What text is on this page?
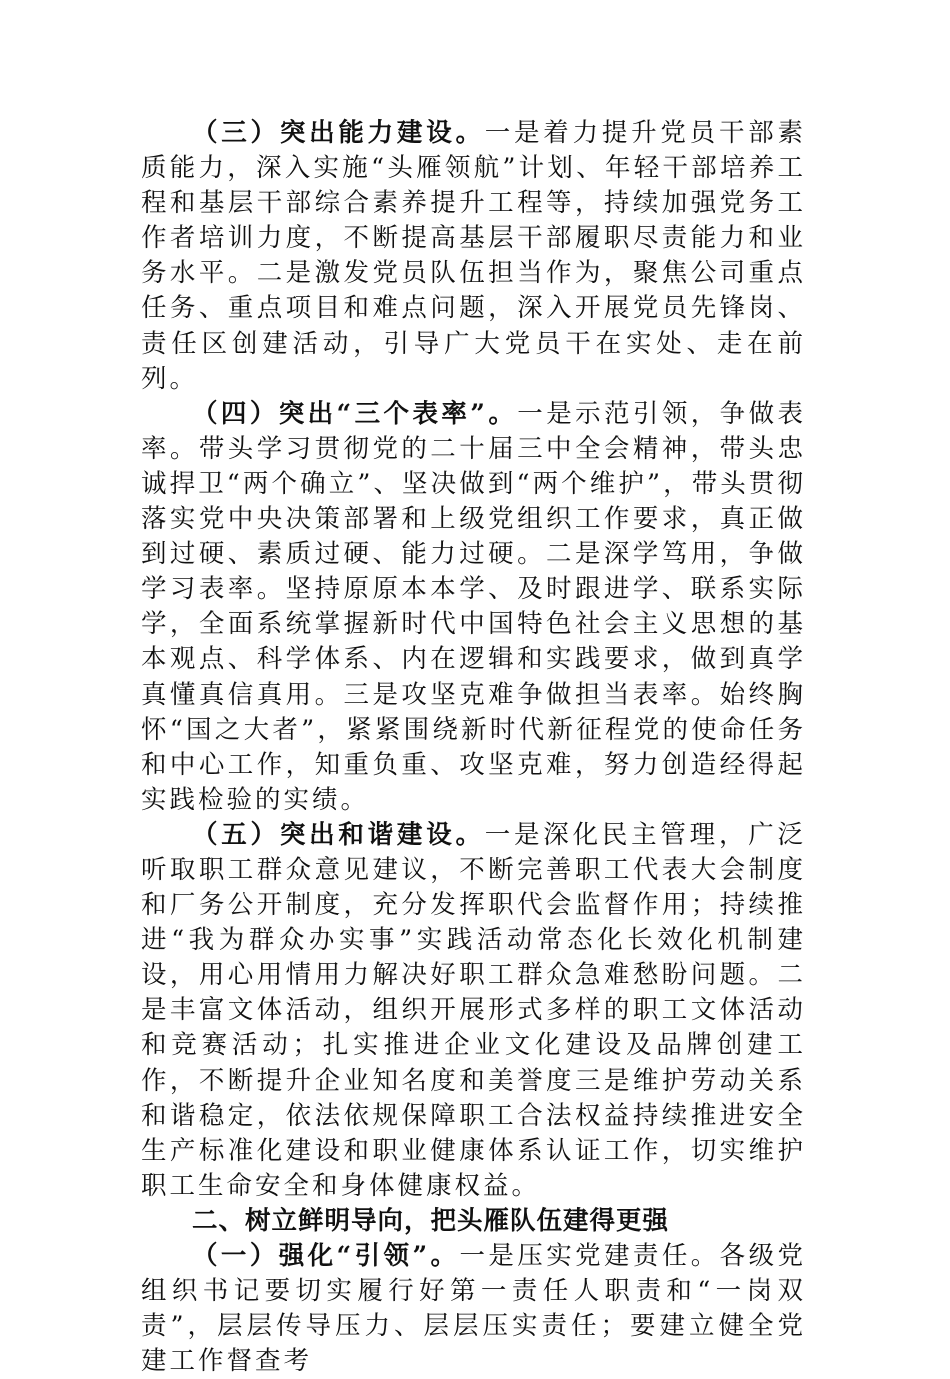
（三）突出能力建设。一是着力提升党员干部素质能力，深入实施“头雁领航”计划、年轻干部培养工程和基层干部综合素养提升工程等，持续加强党务工作者培训力度，不断提高基层干部履职尽责能力和业务水平。二是激发党员队伍担当作为，聚焦公司重点任务、重点项目和难点问题，深入开展党员先锋岗、责任区创建活动，引导广大党员干在实处、走在前列。

（四）突出“三个表率”。一是示范引领，争做表率。带头学习贯彻党的二十届三中全会精神，带头忠诚捍卫“两个确立”、坚决做到“两个维护”，带头贯彻落实党中央决策部署和上级党组织工作要求，真正做到过硬、素质过硬、能力过硬。二是深学笃用，争做学习表率。坚持原原本本学、及时跟进学、联系实际学，全面系统掌握新时代中国特色社会主义思想的基本观点、科学体系、内在逻辑和实践要求，做到真学真懂真信真用。三是攻坚克难争做担当表率。始终胸怀“国之大者”，紧紧围绕新时代新征程党的使命任务和中心工作，知重负重、攻坚克难，努力创造经得起实践检验的实绩。

（五）突出和谐建设。一是深化民主管理，广泛听取职工群众意见建议，不断完善职工代表大会制度和厂务公开制度，充分发挥职代会监督作用；持续推进“我为群众办实事”实践活动常态化长效化机制建设，用心用情用力解决好职工群众急难愁盼问题。二是丰富文体活动，组织开展形式多样的职工文体活动和竞赛活动；扎实推进企业文化建设及品牌创建工作，不断提升企业知名度和美誉度三是维护劳动关系和谐稳定，依法依规保障职工合法权益持续推进安全生产标准化建设和职业健康体系认证工作，切实维护职工生命安全和身体健康权益。

二、树立鲜明导向，把头雁队伍建得更强

（一）强化“引领”。一是压实党建责任。各级党组织书记要切实履行好第一责任人职责和“一岗双责”，层层传导压力、层层压实责任；要建立健全党建工作督查考
